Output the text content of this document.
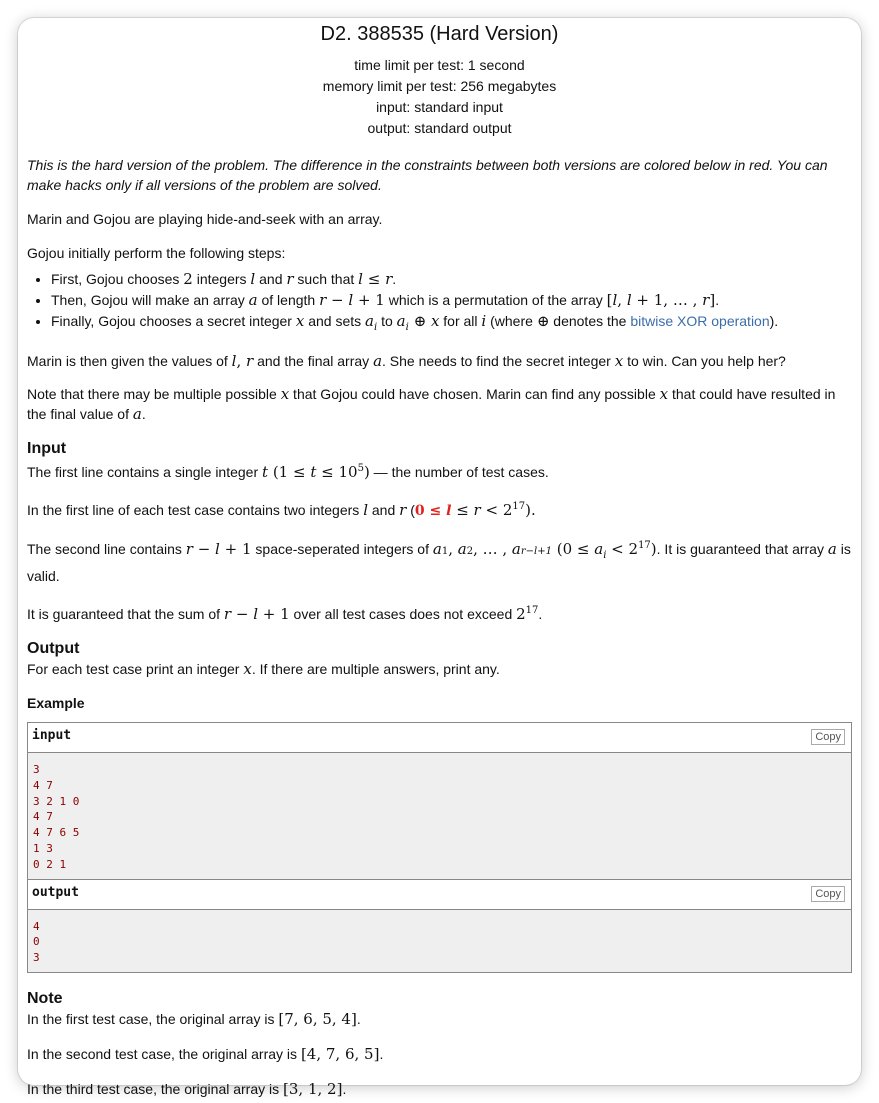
D2. 388535 (Hard Version)
time limit per test: 1 second
memory limit per test: 256 megabytes
input: standard input
output: standard output

This is the hard version of the problem. The difference in the constraints between both versions are colored below in red. You can make hacks only if all versions of the problem are solved.

Marin and Gojou are playing hide-and-seek with an array.

Gojou initially perform the following steps:

• First, Gojou chooses 2 integers l and r such that l ≤ r.
• Then, Gojou will make an array a of length r − l + 1 which is a permutation of the array [l, l + 1, … , r].
• Finally, Gojou chooses a secret integer x and sets $a_i$ to $a_i$ ⊕ x for all i (where ⊕ denotes the bitwise XOR operation).

Marin is then given the values of l, r and the final array a. She needs to find the secret integer x to win. Can you help her?

Note that there may be multiple possible x that Gojou could have chosen. Marin can find any possible x that could have resulted in the final value of a.

Input

The first line contains a single integer t $(1 \le t \le 10^5)$ — the number of test cases.

In the first line of each test case contains two integers l and r $(0 \le l \le r < 2^{17})$.

The second line contains r − l + 1 space-seperated integers of a1, a2, … , ar−l+1 $(0 \le a_i < 2^{17})$. It is guaranteed that array a is valid.

It is guaranteed that the sum of r − l + 1 over all test cases does not exceed $2^{17}$.

Output

For each test case print an integer x. If there are multiple answers, print any.

Example
input	Copy
3
4 7
3 2 1 0
4 7
4 7 6 5
1 3
0 2 1
output	Copy
4
0
3
Note

In the first test case, the original array is [7, 6, 5, 4].

In the second test case, the original array is [4, 7, 6, 5].

In the third test case, the original array is [3, 1, 2].
